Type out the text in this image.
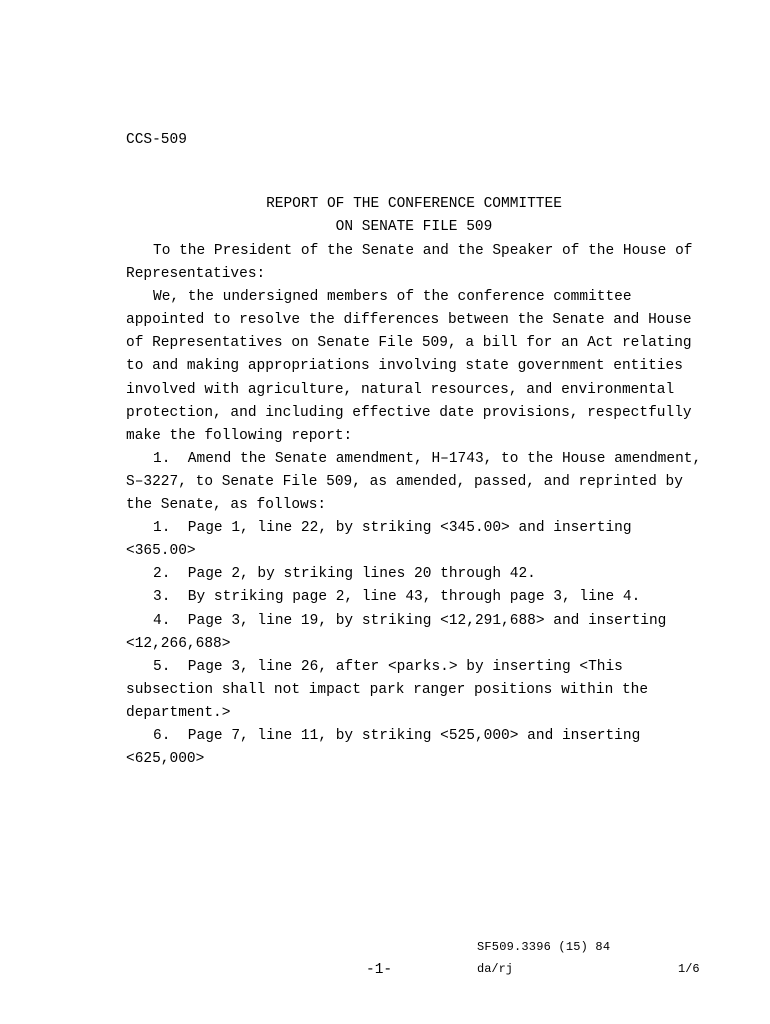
CCS-509
REPORT OF THE CONFERENCE COMMITTEE
ON SENATE FILE 509

To the President of the Senate and the Speaker of the House of Representatives:

We, the undersigned members of the conference committee appointed to resolve the differences between the Senate and House of Representatives on Senate File 509, a bill for an Act relating to and making appropriations involving state government entities involved with agriculture, natural resources, and environmental protection, and including effective date provisions, respectfully make the following report:

1.  Amend the Senate amendment, H–1743, to the House amendment, S–3227, to Senate File 509, as amended, passed, and reprinted by the Senate, as follows:

1.  Page 1, line 22, by striking <345.00> and inserting <365.00>

2.  Page 2, by striking lines 20 through 42.

3.  By striking page 2, line 43, through page 3, line 4.

4.  Page 3, line 19, by striking <12,291,688> and inserting <12,266,688>

5.  Page 3, line 26, after <parks.> by inserting <This subsection shall not impact park ranger positions within the department.>

6.  Page 7, line 11, by striking <525,000> and inserting <625,000>

SF509.3396 (15) 84
-1-	da/rj	1/6
